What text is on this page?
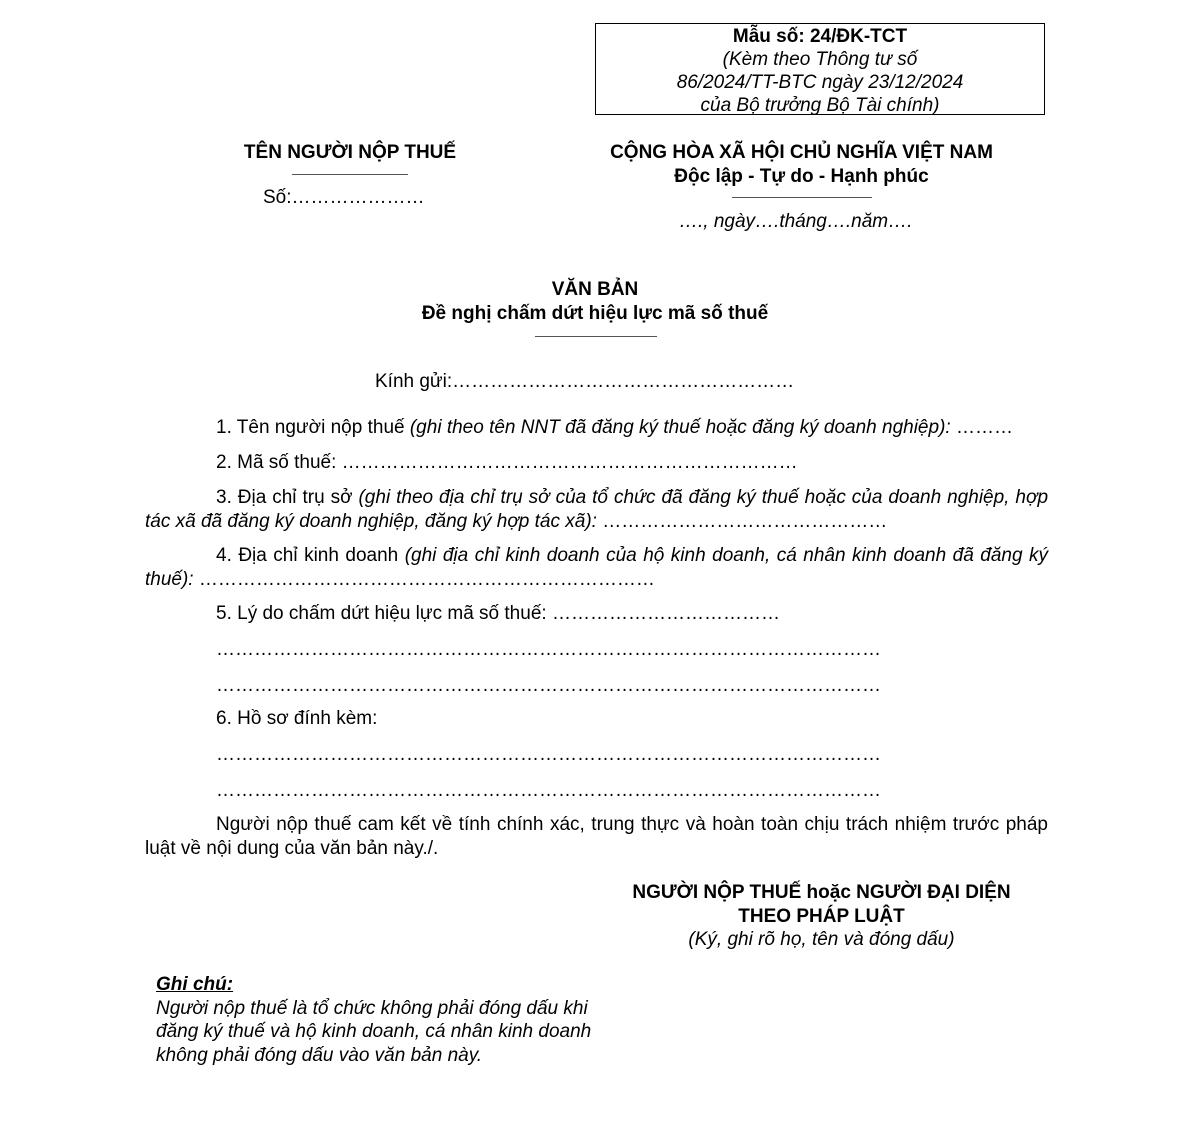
Mẫu số: 24/ĐK-TCT
(Kèm theo Thông tư số
86/2024/TT-BTC ngày 23/12/2024
của Bộ trưởng Bộ Tài chính)
TÊN NGƯỜI NỘP THUẾ
Số:…………………
CỘNG HÒA XÃ HỘI CHỦ NGHĨA VIỆT NAM
Độc lập - Tự do - Hạnh phúc
…., ngày….tháng….năm….
VĂN BẢN
Đề nghị chấm dứt hiệu lực mã số thuế
Kính gửi:………………………………………………
1. Tên người nộp thuế (ghi theo tên NNT đã đăng ký thuế hoặc đăng ký doanh nghiệp): ………
2. Mã số thuế: ………………………………………………………………
3. Địa chỉ trụ sở (ghi theo địa chỉ trụ sở của tổ chức đã đăng ký thuế hoặc của doanh nghiệp, hợp tác xã đã đăng ký doanh nghiệp, đăng ký hợp tác xã): ………………………………………
4. Địa chỉ kinh doanh (ghi địa chỉ kinh doanh của hộ kinh doanh, cá nhân kinh doanh đã đăng ký thuế): ………………………………………………………………
5. Lý do chấm dứt hiệu lực mã số thuế: ………………………………
……………………………………………………………………………………………
……………………………………………………………………………………………
6. Hồ sơ đính kèm:
……………………………………………………………………………………………
……………………………………………………………………………………………
Người nộp thuế cam kết về tính chính xác, trung thực và hoàn toàn chịu trách nhiệm trước pháp luật về nội dung của văn bản này./.
NGƯỜI NỘP THUẾ hoặc NGƯỜI ĐẠI DIỆN
THEO PHÁP LUẬT
(Ký, ghi rõ họ, tên và đóng dấu)
Ghi chú:
Người nộp thuế là tổ chức không phải đóng dấu khi đăng ký thuế và hộ kinh doanh, cá nhân kinh doanh không phải đóng dấu vào văn bản này.
